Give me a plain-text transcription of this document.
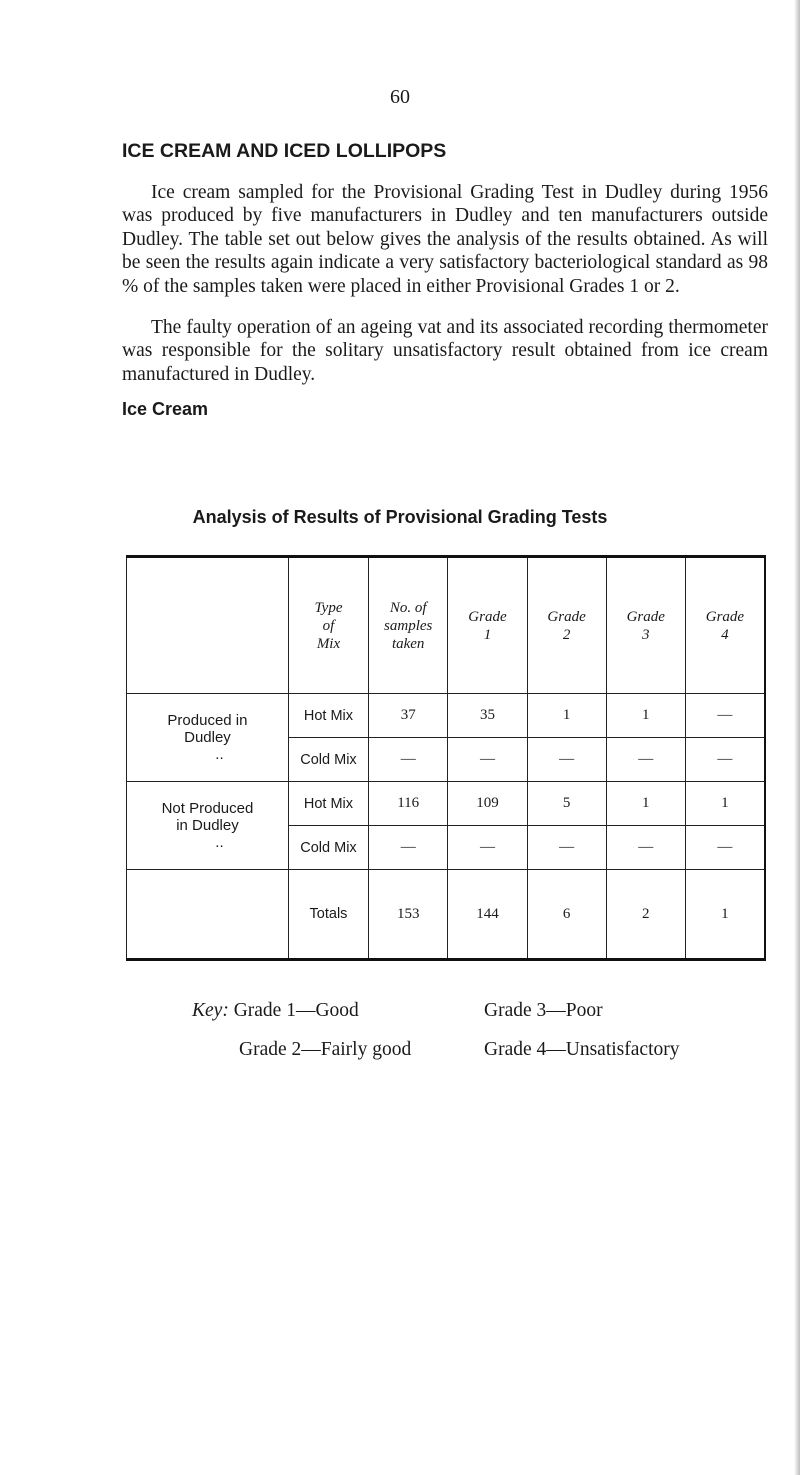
60
ICE CREAM AND ICED LOLLIPOPS

Ice cream sampled for the Provisional Grading Test in Dudley during 1956 was produced by five manufacturers in Dudley and ten manufacturers outside Dudley. The table set out below gives the analysis of the results obtained. As will be seen the results again indicate a very satisfactory bacteriological standard as 98 % of the samples taken were placed in either Provisional Grades 1 or 2.

The faulty operation of an ageing vat and its associated recording thermometer was responsible for the solitary unsatisfactory result obtained from ice cream manufactured in Dudley.

Ice Cream
Analysis of Results of Provisional Grading Tests

	Type
of
Mix	No. of
samples
taken	Grade
1	Grade
2	Grade
3	Grade
4

Produced in
Dudley
..	Hot Mix	37	35	1	1	—
	Cold Mix	—	—	—	—	—

Not Produced
in Dudley
..	Hot Mix	116	109	5	1	1
	Cold Mix	—	—	—	—	—
	Totals	153	144	6	2	1
Key: Grade 1—Good	Grade 3—Poor
Grade 2—Fairly good	Grade 4—Unsatisfactory
